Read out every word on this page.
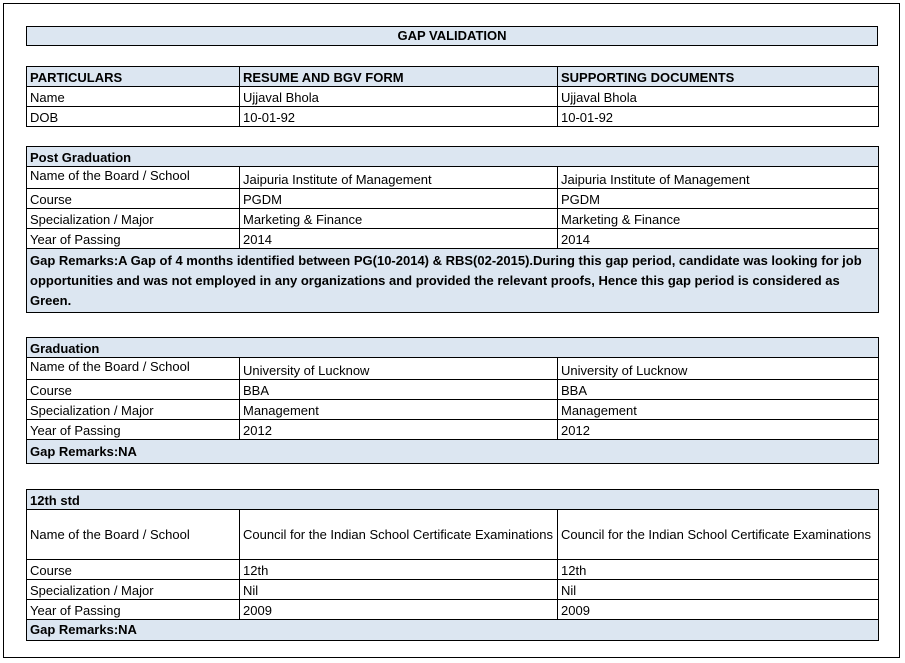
GAP VALIDATION
PARTICULARS	RESUME AND BGV FORM	SUPPORTING DOCUMENTS
Name	Ujjaval Bhola	Ujjaval Bhola
DOB	10-01-92	10-01-92
Post Graduation		
Name of the Board / School	Jaipuria Institute of Management	Jaipuria Institute of Management
Course	PGDM	PGDM
Specialization / Major	Marketing & Finance	Marketing & Finance
Year of Passing	2014	2014
Gap Remarks:A Gap of 4 months identified between PG(10-2014) & RBS(02-2015).During this gap period, candidate was looking for job opportunities and was not employed in any organizations and provided the relevant proofs, Hence this gap period is considered as Green.		
Graduation		
Name of the Board / School	University of Lucknow	University of Lucknow
Course	BBA	BBA
Specialization / Major	Management	Management
Year of Passing	2012	2012
Gap Remarks:NA		
12th std		
Name of the Board / School	Council for the Indian School Certificate Examinations	Council for the Indian School Certificate Examinations
Course	12th	12th
Specialization / Major	Nil	Nil
Year of Passing	2009	2009
Gap Remarks:NA		
